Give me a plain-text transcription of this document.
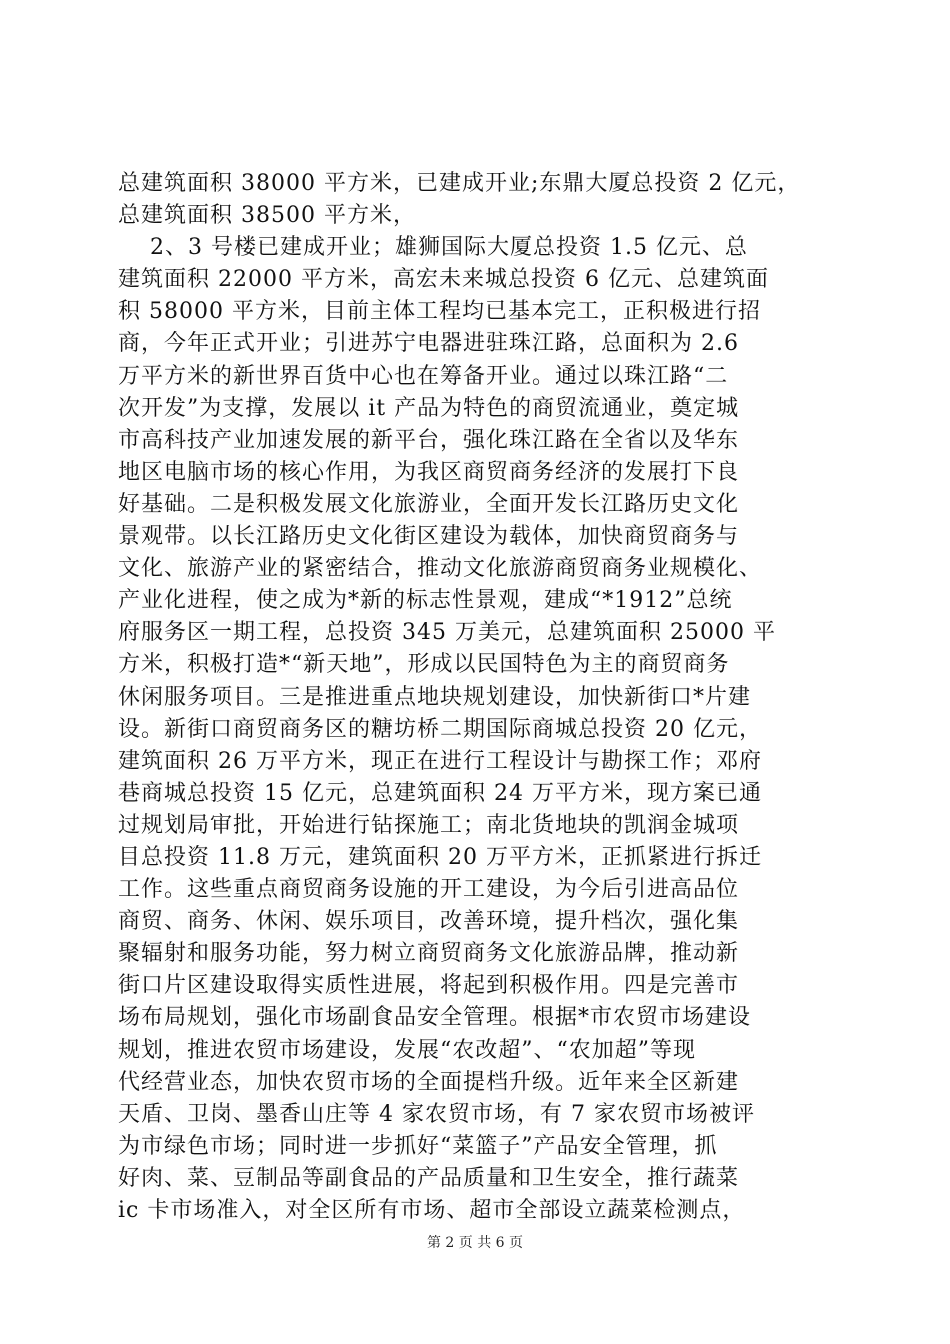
总建筑面积 38000 平方米，已建成开业;东鼎大厦总投资 2 亿元，
总建筑面积 38500 平方米，
2、3 号楼已建成开业；雄狮国际大厦总投资 1.5 亿元、总
建筑面积 22000 平方米，高宏未来城总投资 6 亿元、总建筑面
积 58000 平方米，目前主体工程均已基本完工，正积极进行招
商，今年正式开业；引进苏宁电器进驻珠江路，总面积为 2.6
万平方米的新世界百货中心也在筹备开业。通过以珠江路“二
次开发”为支撑，发展以 it 产品为特色的商贸流通业，奠定城
市高科技产业加速发展的新平台，强化珠江路在全省以及华东
地区电脑市场的核心作用，为我区商贸商务经济的发展打下良
好基础。二是积极发展文化旅游业，全面开发长江路历史文化
景观带。以长江路历史文化街区建设为载体，加快商贸商务与
文化、旅游产业的紧密结合，推动文化旅游商贸商务业规模化、
产业化进程，使之成为*新的标志性景观，建成“*1912”总统
府服务区一期工程，总投资 345 万美元，总建筑面积 25000 平
方米，积极打造*“新天地”，形成以民国特色为主的商贸商务
休闲服务项目。三是推进重点地块规划建设，加快新街口*片建
设。新街口商贸商务区的糖坊桥二期国际商城总投资 20 亿元，
建筑面积 26 万平方米，现正在进行工程设计与勘探工作；邓府
巷商城总投资 15 亿元，总建筑面积 24 万平方米，现方案已通
过规划局审批，开始进行钻探施工；南北货地块的凯润金城项
目总投资 11.8 万元，建筑面积 20 万平方米，正抓紧进行拆迁
工作。这些重点商贸商务设施的开工建设，为今后引进高品位
商贸、商务、休闲、娱乐项目，改善环境，提升档次，强化集
聚辐射和服务功能，努力树立商贸商务文化旅游品牌，推动新
街口片区建设取得实质性进展，将起到积极作用。四是完善市
场布局规划，强化市场副食品安全管理。根据*市农贸市场建设
规划，推进农贸市场建设，发展“农改超”、“农加超”等现
代经营业态，加快农贸市场的全面提档升级。近年来全区新建
天盾、卫岗、墨香山庄等 4 家农贸市场，有 7 家农贸市场被评
为市绿色市场；同时进一步抓好“菜篮子”产品安全管理，抓
好肉、菜、豆制品等副食品的产品质量和卫生安全，推行蔬菜
ic 卡市场准入，对全区所有市场、超市全部设立蔬菜检测点，
第 2 页 共 6 页
